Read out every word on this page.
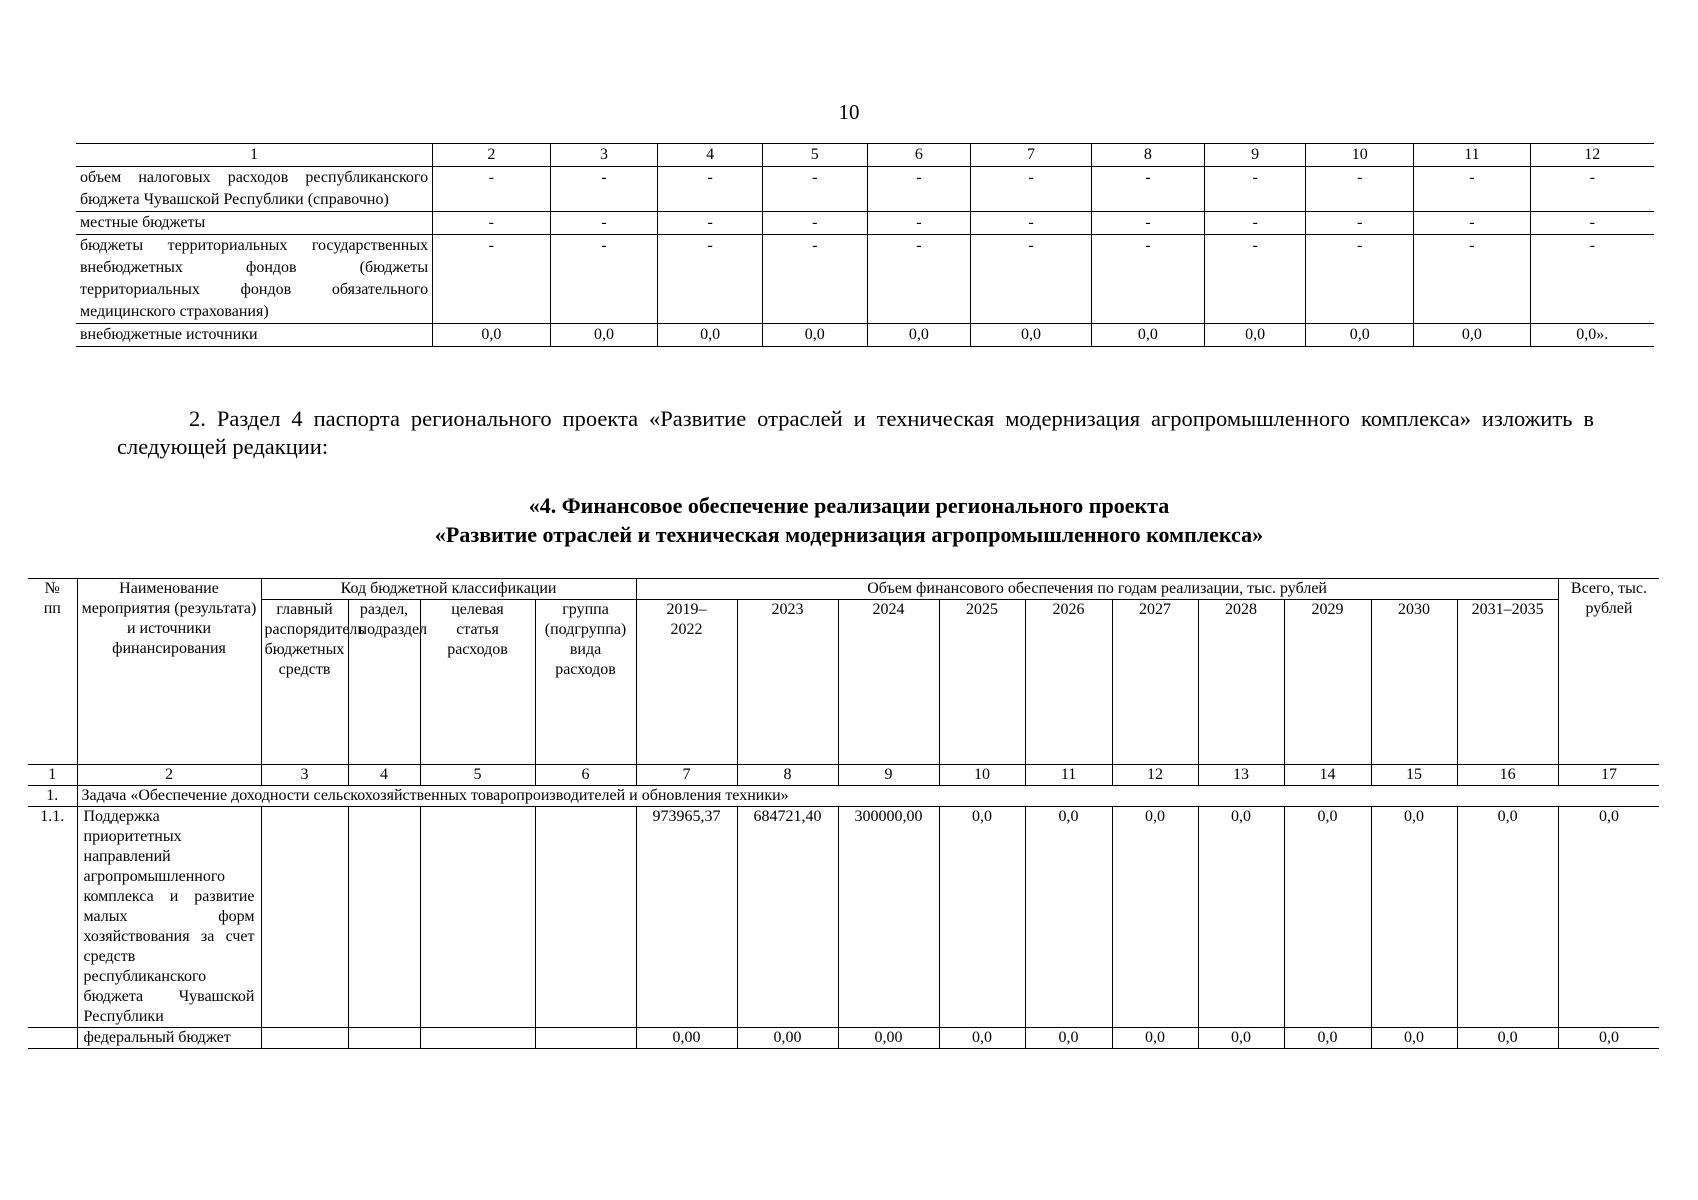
10
1	2	3	4	5	6	7	8	9	10	11	12
объем налоговых расходов республиканского бюджета Чувашской Республики (справочно)	-	-	-	-	-	-	-	-	-	-	-
местные бюджеты	-	-	-	-	-	-	-	-	-	-	-
бюджеты территориальных государственных внебюджетных фондов (бюджеты территориальных фондов обязательного медицинского страхования)	-	-	-	-	-	-	-	-	-	-	-
внебюджетные источники	0,0	0,0	0,0	0,0	0,0	0,0	0,0	0,0	0,0	0,0	0,0».
2. Раздел 4 паспорта регионального проекта «Развитие отраслей и техническая модернизация агропромышленного комплекса» изложить в следующей редакции:
«4. Финансовое обеспечение реализации регионального проекта
«Развитие отраслей и техническая модернизация агропромышленного комплекса»
№ пп	Наименование мероприятия (результата) и источники финансирования	Код бюджетной классификации				Объем финансового обеспечения по годам реализации, тыс. рублей										Всего, тыс. рублей
		главный распорядитель бюджетных средств	раздел, подраздел	целевая статья расходов	группа (подгруппа) вида расходов	2019–2022	2023	2024	2025	2026	2027	2028	2029	2030	2031–2035	
1	2	3	4	5	6	7	8	9	10	11	12	13	14	15	16	17
1.	Задача «Обеспечение доходности сельскохозяйственных товаропроизводителей и обновления техники»															
1.1.	Поддержка приоритетных направлений агропромышленного комплекса и развитие малых форм хозяйствования за счет средств республиканского бюджета Чувашской Республики					973965,37	684721,40	300000,00	0,0	0,0	0,0	0,0	0,0	0,0	0,0	0,0
	федеральный бюджет					0,00	0,00	0,00	0,0	0,0	0,0	0,0	0,0	0,0	0,0	0,0
